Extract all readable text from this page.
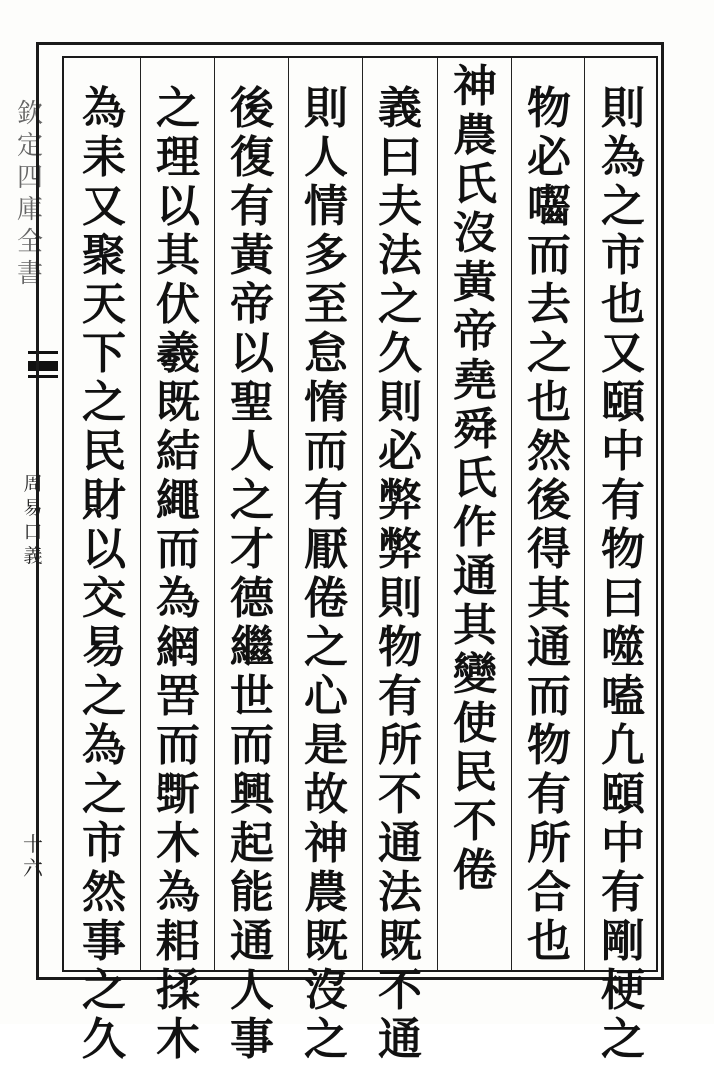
欽
定
四
庫
全
書
周
易
口
義
十六
則
為
之
市
也
又
頤
中
有
物
曰
噬
嗑
凢
頤
中
有
剛
梗
之
物
必
囓
而
去
之
也
然
後
得
其
通
而
物
有
所
合
也
神
農
氏
沒
黃
帝
堯
舜
氏
作
通
其
變
使
民
不
倦
義
曰
夫
法
之
久
則
必
弊
弊
則
物
有
所
不
通
法
既
不
通
則
人
情
多
至
怠
惰
而
有
厭
倦
之
心
是
故
神
農
既
沒
之
後
復
有
黃
帝
以
聖
人
之
才
德
繼
世
而
興
起
能
通
人
事
之
理
以
其
伏
羲
既
結
繩
而
為
網
罟
而
斲
木
為
耜
揉
木
為
耒
又
聚
天
下
之
民
財
以
交
易
之
為
之
市
然
事
之
久
